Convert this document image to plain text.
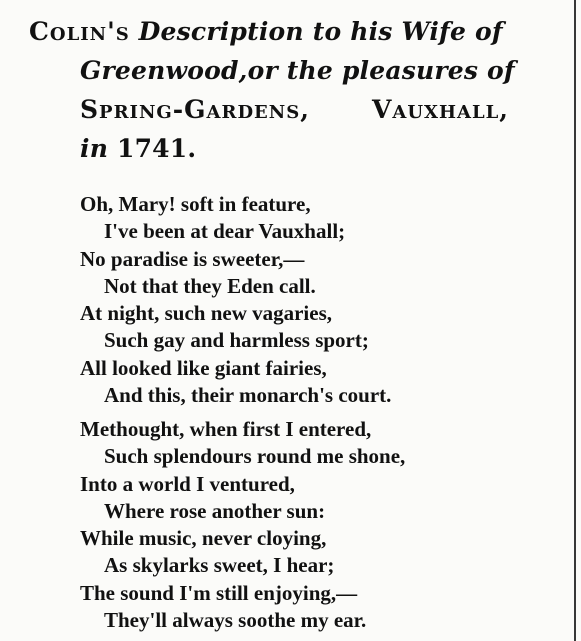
Colin's Description to his Wife of
Greenwood, or the pleasures of
Spring-Gardens, Vauxhall,
in 1741.
Oh, Mary! soft in feature,
I've been at dear Vauxhall;
No paradise is sweeter,—
Not that they Eden call.
At night, such new vagaries,
Such gay and harmless sport;
All looked like giant fairies,
And this, their monarch's court.
Methought, when first I entered,
Such splendours round me shone,
Into a world I ventured,
Where rose another sun:
While music, never cloying,
As skylarks sweet, I hear;
The sound I'm still enjoying,—
They'll always soothe my ear.
